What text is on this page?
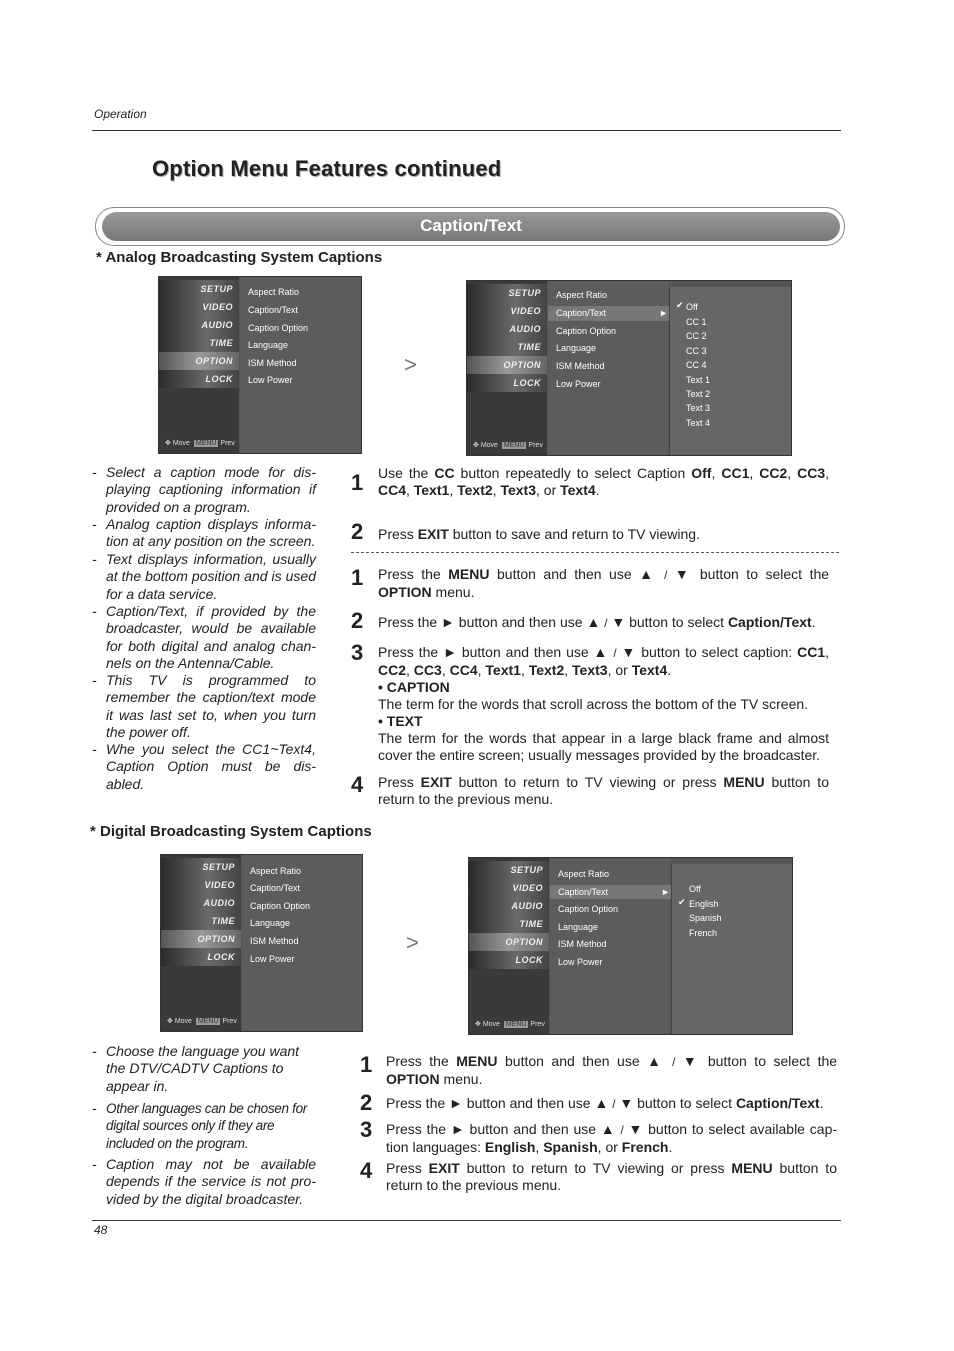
Operation
Option Menu Features continued
Caption/Text
* Analog Broadcasting System Captions
SETUP
VIDEO
AUDIO
TIME
OPTION
LOCK
✥ Move MENU Prev
Aspect Ratio
Caption/Text
Caption Option
Language
ISM Method
Low Power
>
SETUP
VIDEO
AUDIO
TIME
OPTION
LOCK
✥ Move MENU Prev
Aspect Ratio
Caption/Text	►
Caption Option
Language
ISM Method
Low Power
✔ Off
CC 1
CC 2
CC 3
CC 4
Text 1
Text 2
Text 3
Text 4
- Select a caption mode for dis-playing captioning information if provided on a program.
- Analog caption displays informa-tion at any position on the screen.
- Text displays information, usually at the bottom position and is used for a data service.
- Caption/Text, if provided by the broadcaster, would be available for both digital and analog chan-nels on the Antenna/Cable.
- This TV is programmed to remember the caption/text mode it was last set to, when you turn the power off.
- Whe you select the CC1~Text4, Caption Option must be dis-abled.
1 Use the CC button repeatedly to select Caption Off, CC1, CC2, CC3, CC4, Text1, Text2, Text3, or Text4.
2 Press EXIT button to save and return to TV viewing.
1 Press the MENU button and then use ▲ / ▼ button to select the OPTION menu.
2 Press the ► button and then use ▲ / ▼ button to select Caption/Text.
3 Press the ► button and then use ▲ / ▼ button to select caption: CC1, CC2, CC3, CC4, Text1, Text2, Text3, or Text4.
• CAPTION
The term for the words that scroll across the bottom of the TV screen.
• TEXT
The term for the words that appear in a large black frame and almost cover the entire screen; usually messages provided by the broadcaster.
4 Press EXIT button to return to TV viewing or press MENU button to return to the previous menu.
* Digital Broadcasting System Captions
SETUP
VIDEO
AUDIO
TIME
OPTION
LOCK
✥ Move MENU Prev
Aspect Ratio
Caption/Text
Caption Option
Language
ISM Method
Low Power
>
SETUP
VIDEO
AUDIO
TIME
OPTION
LOCK
✥ Move MENU Prev
Aspect Ratio
Caption/Text	►
Caption Option
Language
ISM Method
Low Power
Off
✔ English
Spanish
French
- Choose the language you want the DTV/CADTV Captions to appear in.
- Other languages can be chosen for digital sources only if they are included on the program.
- Caption may not be available depends if the service is not pro-vided by the digital broadcaster.
1 Press the MENU button and then use ▲ / ▼ button to select the OPTION menu.
2 Press the ► button and then use ▲ / ▼ button to select Caption/Text.
3 Press the ► button and then use ▲ / ▼ button to select available cap-tion languages: English, Spanish, or French.
4 Press EXIT button to return to TV viewing or press MENU button to return to the previous menu.
48
